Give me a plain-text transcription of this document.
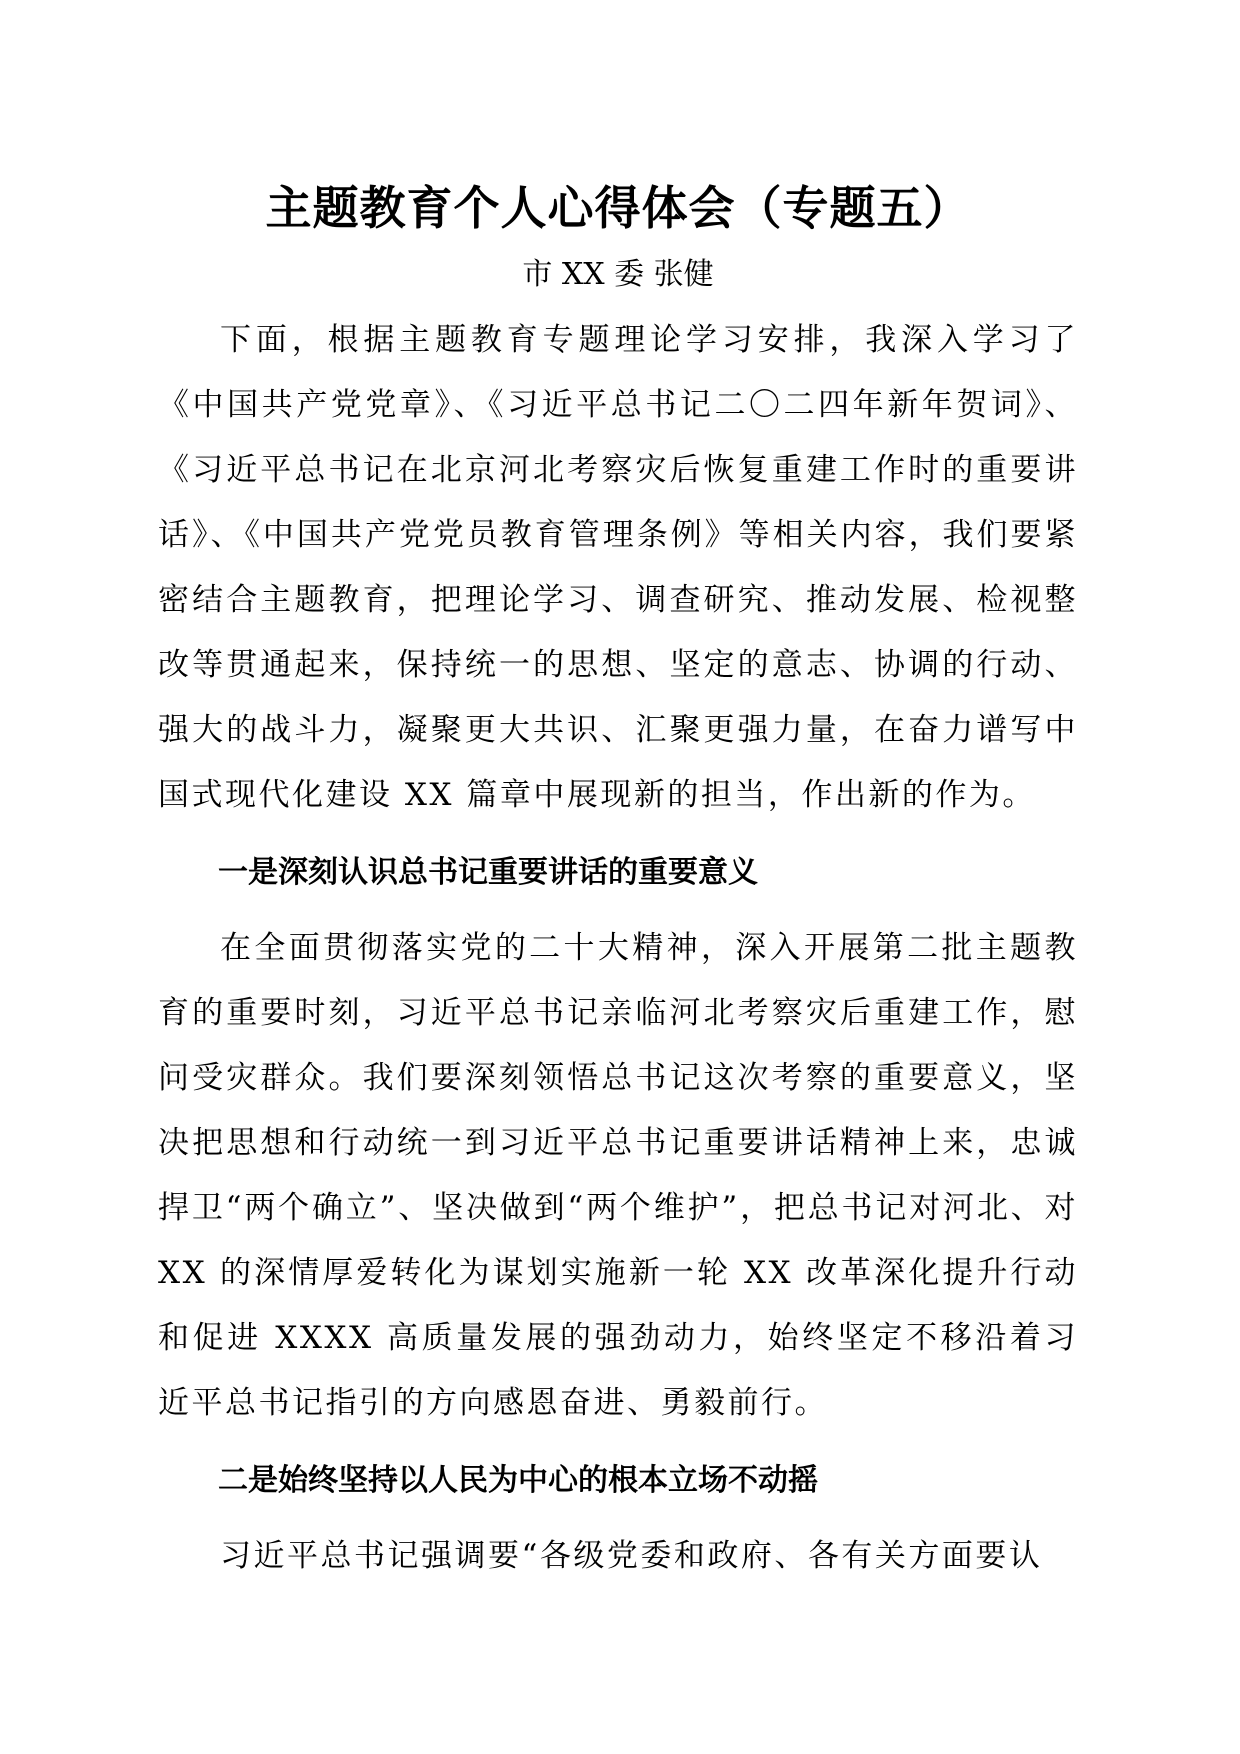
主题教育个人心得体会（专题五）
市 XX 委 张健

下面，根据主题教育专题理论学习安排，我深入学习了《中国共产党党章》、《习近平总书记二〇二四年新年贺词》、《习近平总书记在北京河北考察灾后恢复重建工作时的重要讲话》、《中国共产党党员教育管理条例》等相关内容，我们要紧密结合主题教育，把理论学习、调查研究、推动发展、检视整改等贯通起来，保持统一的思想、坚定的意志、协调的行动、强大的战斗力，凝聚更大共识、汇聚更强力量，在奋力谱写中国式现代化建设 XX 篇章中展现新的担当，作出新的作为。

一是深刻认识总书记重要讲话的重要意义

在全面贯彻落实党的二十大精神，深入开展第二批主题教育的重要时刻，习近平总书记亲临河北考察灾后重建工作，慰问受灾群众。我们要深刻领悟总书记这次考察的重要意义，坚决把思想和行动统一到习近平总书记重要讲话精神上来，忠诚捍卫“两个确立”、坚决做到“两个维护”，把总书记对河北、对 XX 的深情厚爱转化为谋划实施新一轮 XX 改革深化提升行动和促进 XXXX 高质量发展的强劲动力，始终坚定不移沿着习近平总书记指引的方向感恩奋进、勇毅前行。

二是始终坚持以人民为中心的根本立场不动摇

习近平总书记强调要“各级党委和政府、各有关方面要认
